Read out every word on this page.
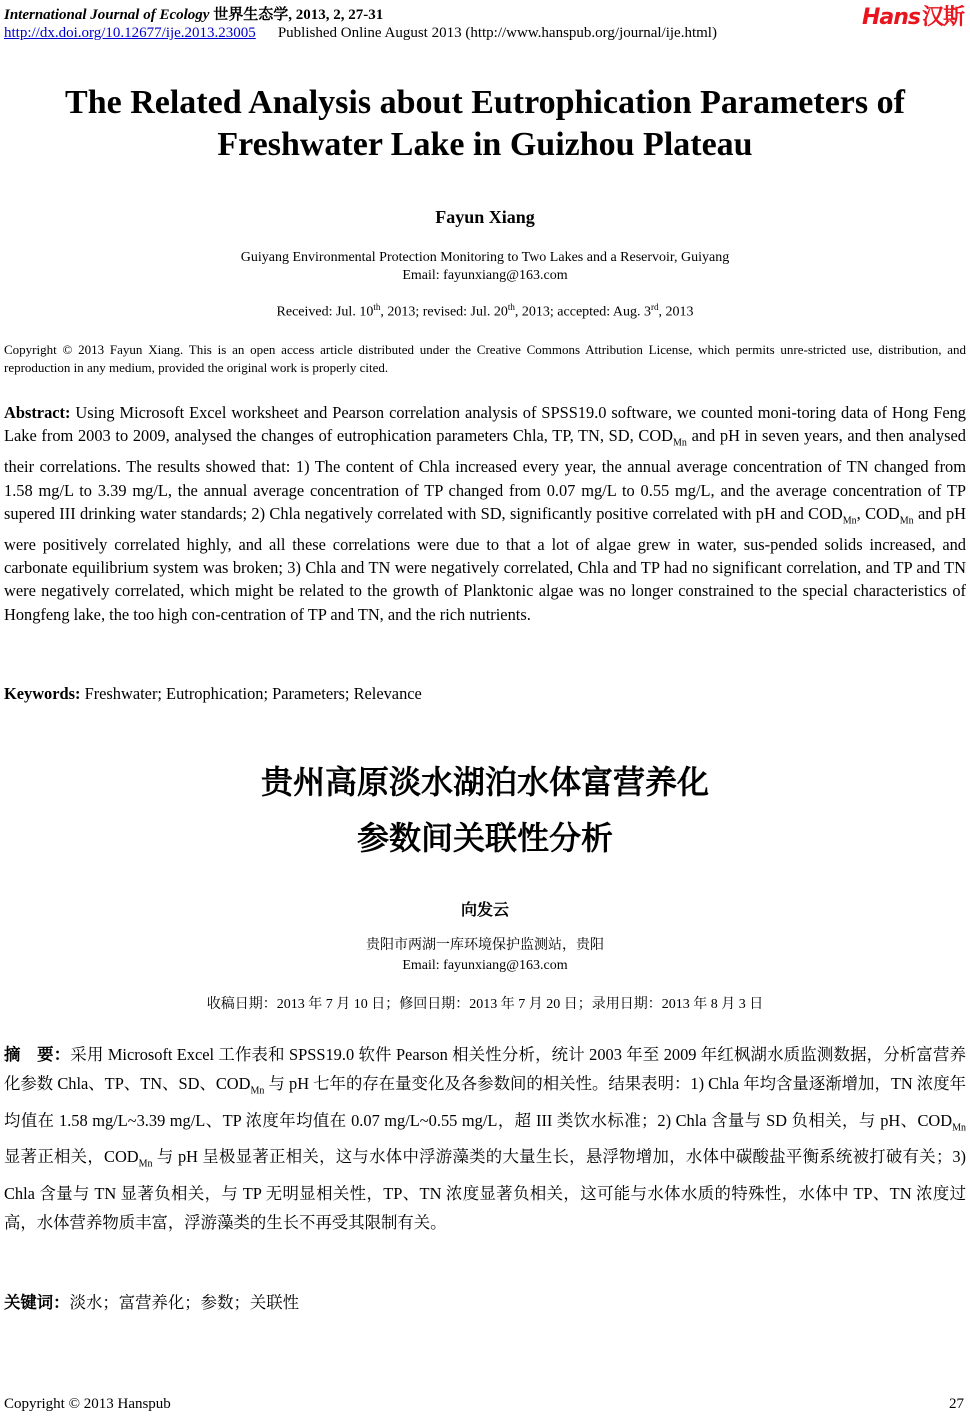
International Journal of Ecology 世界生态学, 2013, 2, 27-31
http://dx.doi.org/10.12677/ije.2013.23005 Published Online August 2013 (http://www.hanspub.org/journal/ije.html)
Hans汉斯
The Related Analysis about Eutrophication Parameters of
Freshwater Lake in Guizhou Plateau
Fayun Xiang
Guiyang Environmental Protection Monitoring to Two Lakes and a Reservoir, Guiyang
Email: fayunxiang@163.com
Received: Jul. 10th, 2013; revised: Jul. 20th, 2013; accepted: Aug. 3rd, 2013
Copyright © 2013 Fayun Xiang. This is an open access article distributed under the Creative Commons Attribution License, which permits unre-stricted use, distribution, and reproduction in any medium, provided the original work is properly cited.
Abstract: Using Microsoft Excel worksheet and Pearson correlation analysis of SPSS19.0 software, we counted moni-toring data of Hong Feng Lake from 2003 to 2009, analysed the changes of eutrophication parameters Chla, TP, TN, SD, $COD_{Mn}$ and pH in seven years, and then analysed their correlations. The results showed that: 1) The content of Chla increased every year, the annual average concentration of TN changed from 1.58 mg/L to 3.39 mg/L, the annual average concentration of TP changed from 0.07 mg/L to 0.55 mg/L, and the average concentration of TP supered III drinking water standards; 2) Chla negatively correlated with SD, significantly positive correlated with pH and $COD_{Mn}$, $COD_{Mn}$ and pH were positively correlated highly, and all these correlations were due to that a lot of algae grew in water, sus-pended solids increased, and carbonate equilibrium system was broken; 3) Chla and TN were negatively correlated, Chla and TP had no significant correlation, and TP and TN were negatively correlated, which might be related to the growth of Planktonic algae was no longer constrained to the special characteristics of Hongfeng lake, the too high con-centration of TP and TN, and the rich nutrients.
Keywords: Freshwater; Eutrophication; Parameters; Relevance
贵州高原淡水湖泊水体富营养化
参数间关联性分析
向发云
贵阳市两湖一库环境保护监测站，贵阳
Email: fayunxiang@163.com
收稿日期：2013 年 7 月 10 日；修回日期：2013 年 7 月 20 日；录用日期：2013 年 8 月 3 日
摘　要：采用 Microsoft Excel 工作表和 SPSS19.0 软件 Pearson 相关性分析，统计 2003 年至 2009 年红枫湖水质监测数据，分析富营养化参数 Chla、TP、TN、SD、$COD_{Mn}$ 与 pH 七年的存在量变化及各参数间的相关性。结果表明：1) Chla 年均含量逐渐增加，TN 浓度年均值在 1.58 mg/L~3.39 mg/L、TP 浓度年均值在 0.07 mg/L~0.55 mg/L，超 III 类饮水标准；2) Chla 含量与 SD 负相关，与 pH、$COD_{Mn}$ 显著正相关，$COD_{Mn}$ 与 pH 呈极显著正相关，这与水体中浮游藻类的大量生长，悬浮物增加，水体中碳酸盐平衡系统被打破有关；3) Chla 含量与 TN 显著负相关，与 TP 无明显相关性，TP、TN 浓度显著负相关，这可能与水体水质的特殊性，水体中 TP、TN 浓度过高，水体营养物质丰富，浮游藻类的生长不再受其限制有关。
关键词：淡水；富营养化；参数；关联性
Copyright © 2013 Hanspub	27
